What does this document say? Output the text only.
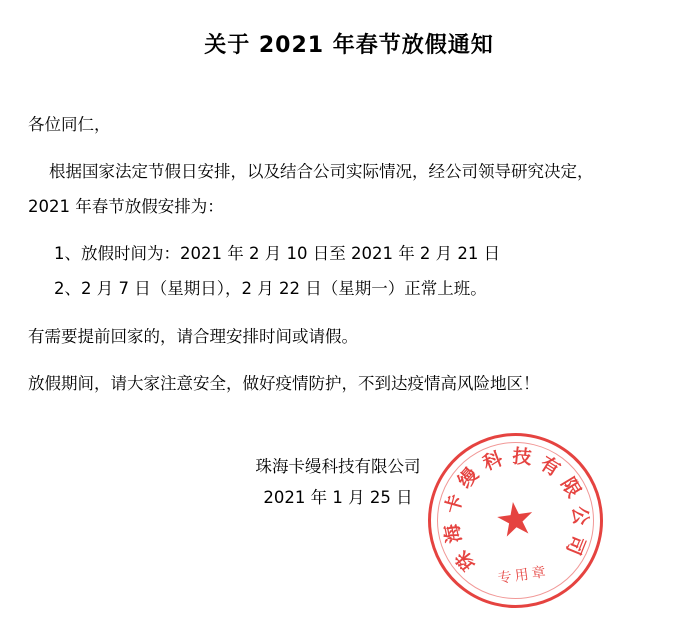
关于 2021 年春节放假通知

各位同仁，

根据国家法定节假日安排，以及结合公司实际情况，经公司领导研究决定，

2021 年春节放假安排为：

1、放假时间为：2021 年 2 月 10 日至 2021 年 2 月 21 日

2、2 月 7 日（星期日），2 月 22 日（星期一）正常上班。

有需要提前回家的，请合理安排时间或请假。

放假期间，请大家注意安全，做好疫情防护，不到达疫情高风险地区！

珠海卡缦科技有限公司
2021 年 1 月 25 日
珠
海
卡
缦
科 技 有
限
公
司
★
专用章
